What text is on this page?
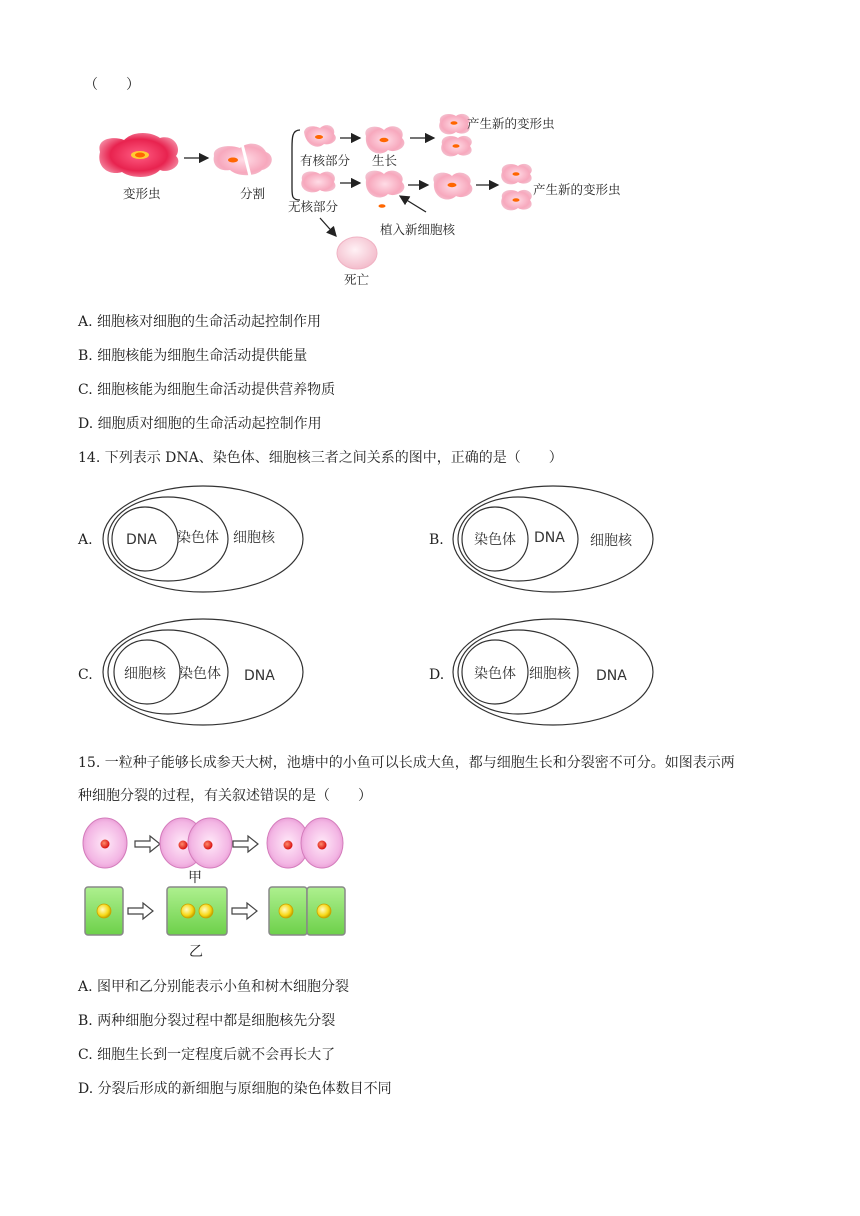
（　　）
变形虫	分割
有核部分 生长
产生新的变形虫
无核部分
植入新细胞核
产生新的变形虫
死亡
A. 细胞核对细胞的生命活动起控制作用
B. 细胞核能为细胞生命活动提供能量
C. 细胞核能为细胞生命活动提供营养物质
D. 细胞质对细胞的生命活动起控制作用
14. 下列表示 DNA、染色体、细胞核三者之间关系的图中，正确的是（　　）
A. DNA 染色体 细胞核	B. 染色体 DNA 细胞核
C. 细胞核 染色体 DNA	D. 染色体 细胞核 DNA
15. 一粒种子能够长成参天大树，池塘中的小鱼可以长成大鱼，都与细胞生长和分裂密不可分。如图表示两
种细胞分裂的过程，有关叙述错误的是（　　）
甲
乙
A. 图甲和乙分别能表示小鱼和树木细胞分裂
B. 两种细胞分裂过程中都是细胞核先分裂
C. 细胞生长到一定程度后就不会再长大了
D. 分裂后形成的新细胞与原细胞的染色体数目不同
